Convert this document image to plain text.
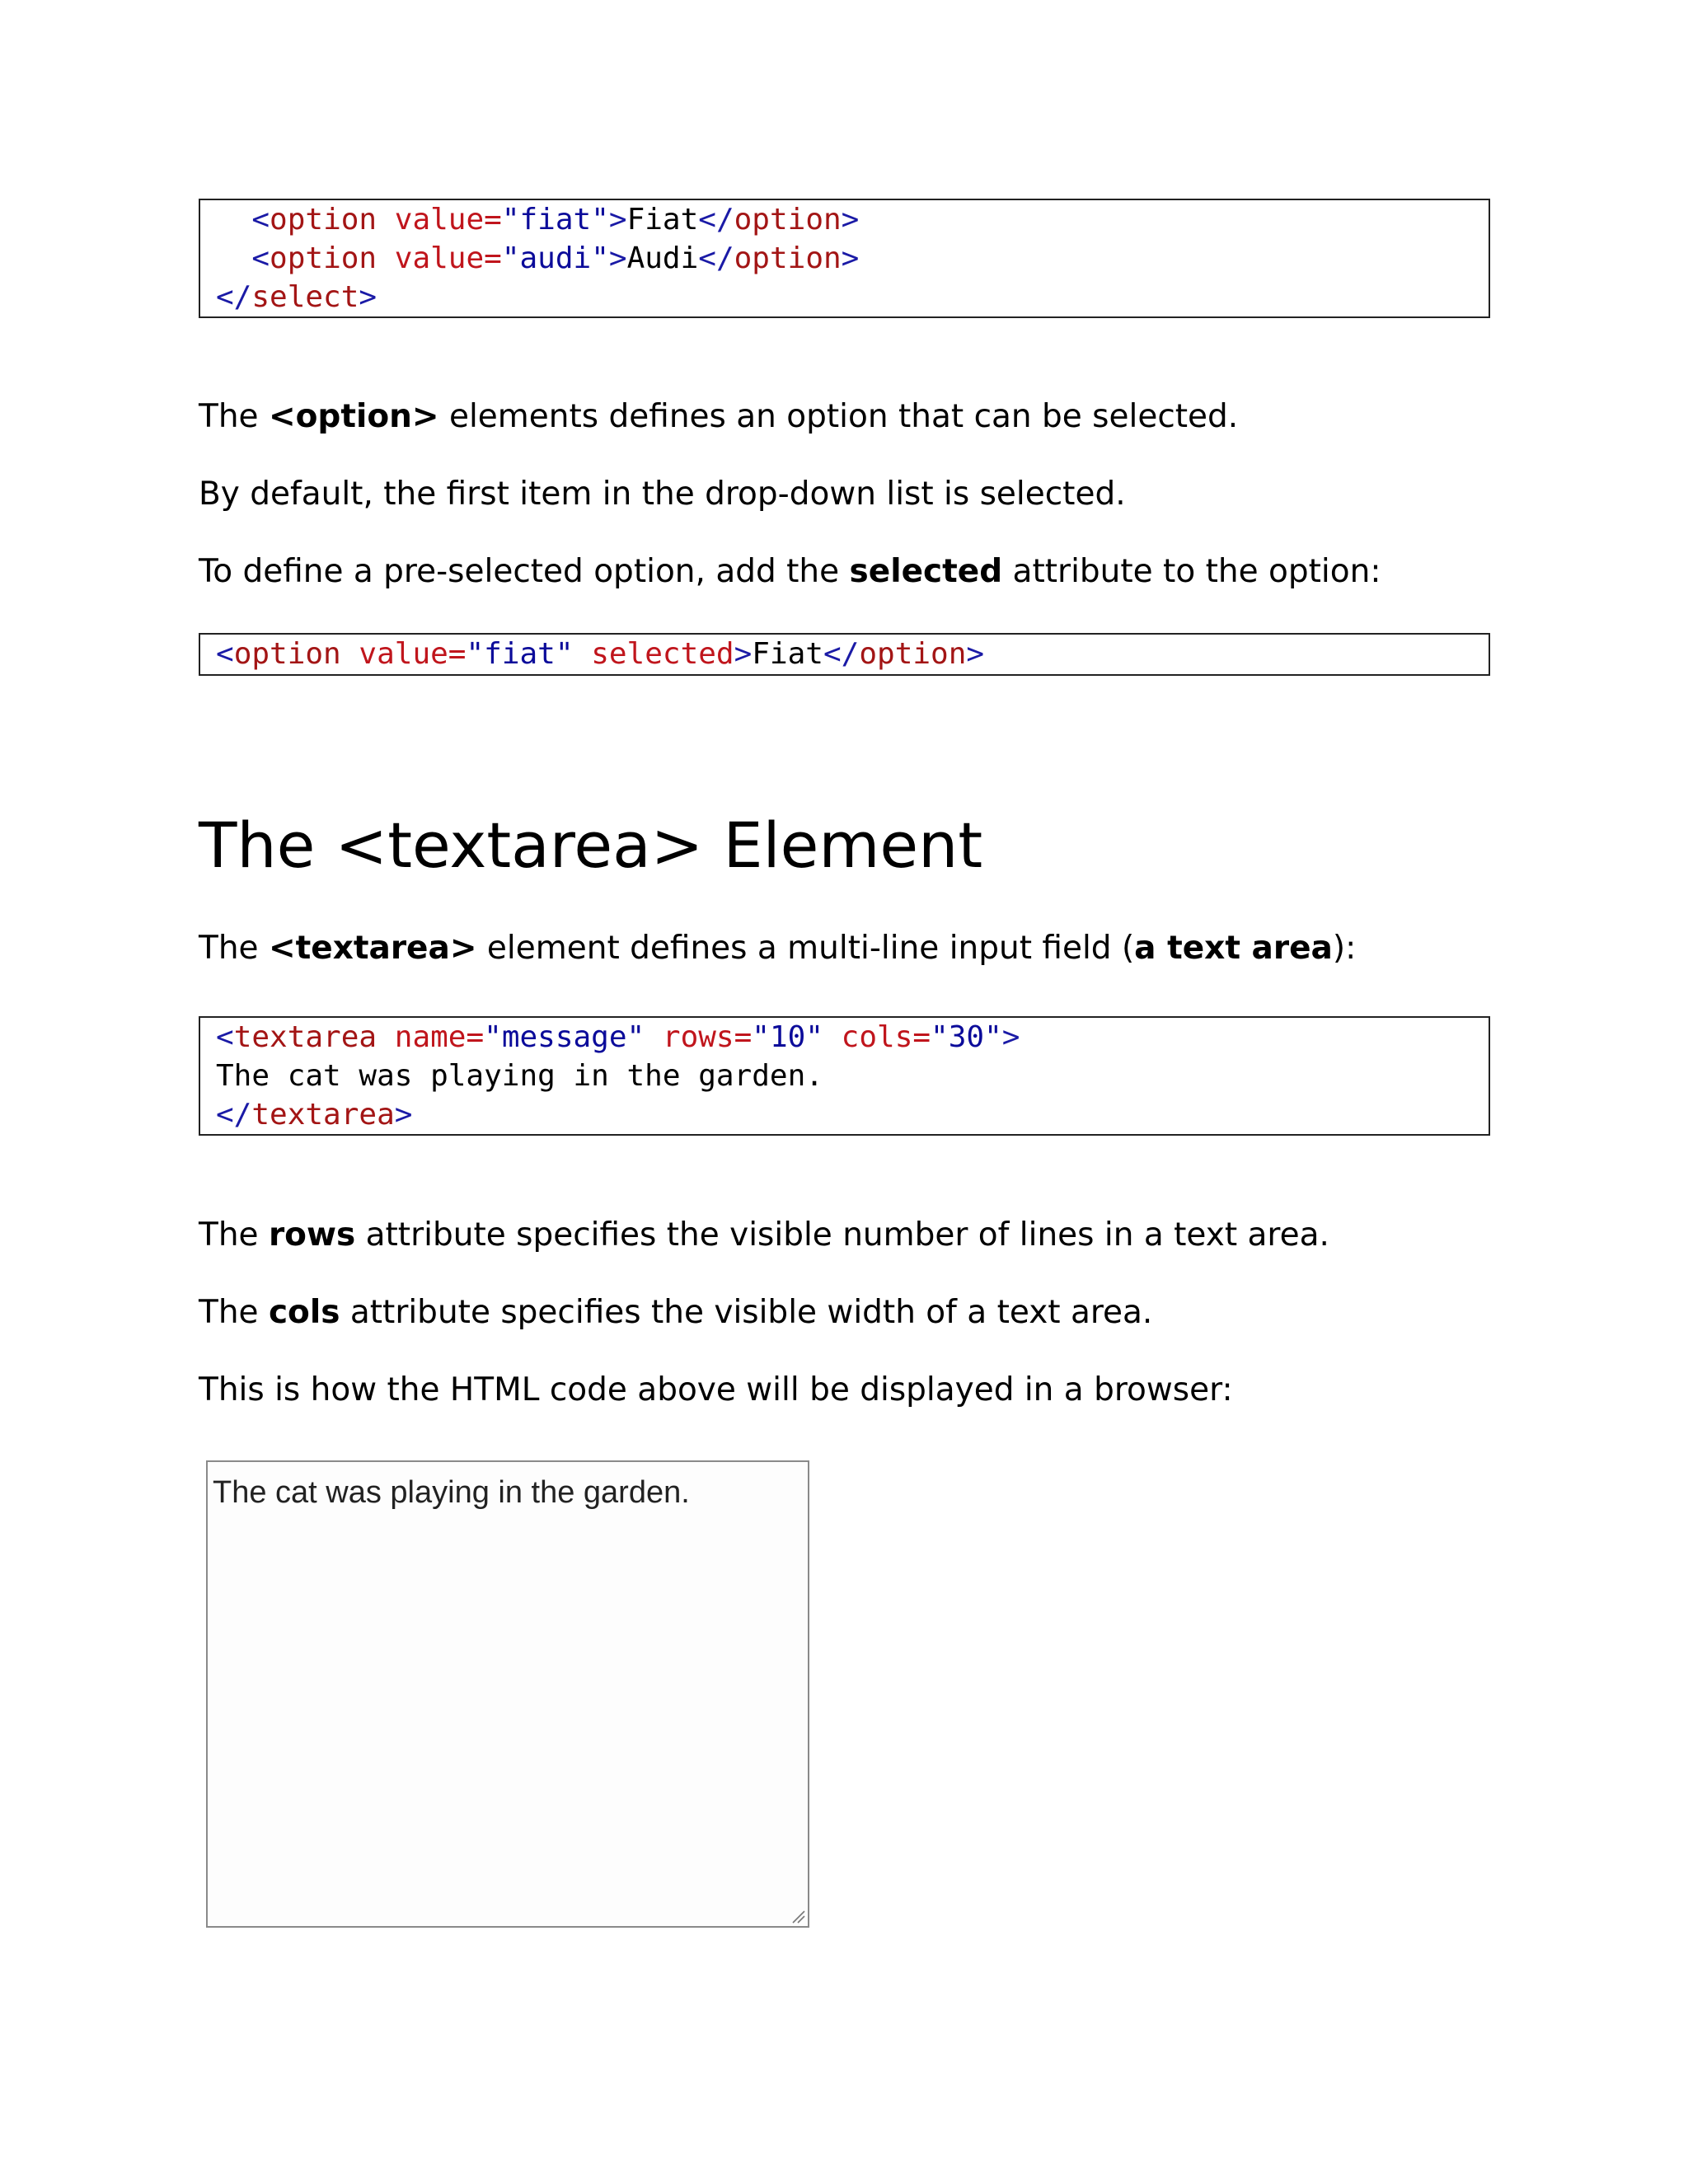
<option value="fiat">Fiat</option>
<option value="audi">Audi</option>
</select>

The <option> elements defines an option that can be selected.

By default, the first item in the drop-down list is selected.

To define a pre-selected option, add the selected attribute to the option:

<option value="fiat" selected>Fiat</option>
The <textarea> Element

The <textarea> element defines a multi-line input field (a text area):

<textarea name="message" rows="10" cols="30">
The cat was playing in the garden.
</textarea>

The rows attribute specifies the visible number of lines in a text area.

The cols attribute specifies the visible width of a text area.

This is how the HTML code above will be displayed in a browser:

The cat was playing in the garden.
